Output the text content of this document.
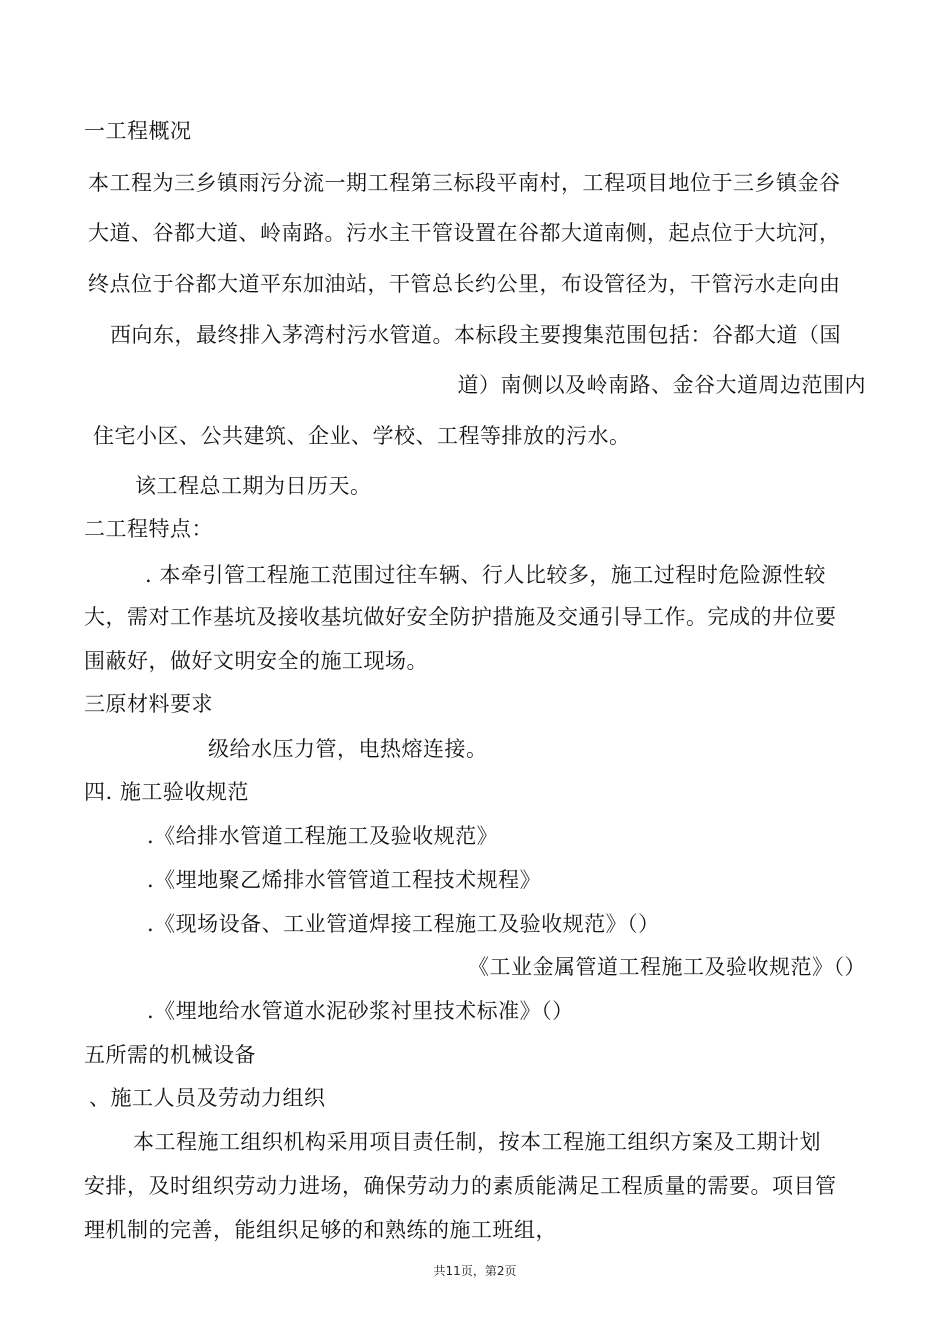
一工程概况
本工程为三乡镇雨污分流一期工程第三标段平南村，工程项目地位于三乡镇金谷
大道、谷都大道、岭南路。污水主干管设置在谷都大道南侧，起点位于大坑河，
终点位于谷都大道平东加油站，干管总长约公里，布设管径为，干管污水走向由
西向东，最终排入茅湾村污水管道。本标段主要搜集范围包括：谷都大道（国
道）南侧以及岭南路、金谷大道周边范围内
住宅小区、公共建筑、企业、学校、工程等排放的污水。
该工程总工期为日历天。
二工程特点：
. 本牵引管工程施工范围过往车辆、行人比较多，施工过程时危险源性较
大，需对工作基坑及接收基坑做好安全防护措施及交通引导工作。完成的井位要
围蔽好，做好文明安全的施工现场。
三原材料要求
级给水压力管，电热熔连接。
四. 施工验收规范
.《给排水管道工程施工及验收规范》
.《埋地聚乙烯排水管管道工程技术规程》
.《现场设备、工业管道焊接工程施工及验收规范》（）
《工业金属管道工程施工及验收规范》（）
.《埋地给水管道水泥砂浆衬里技术标准》（）
五所需的机械设备
、施工人员及劳动力组织
本工程施工组织机构采用项目责任制，按本工程施工组织方案及工期计划
安排，及时组织劳动力进场，确保劳动力的素质能满足工程质量的需要。项目管
理机制的完善，能组织足够的和熟练的施工班组，
共11页，第2页
